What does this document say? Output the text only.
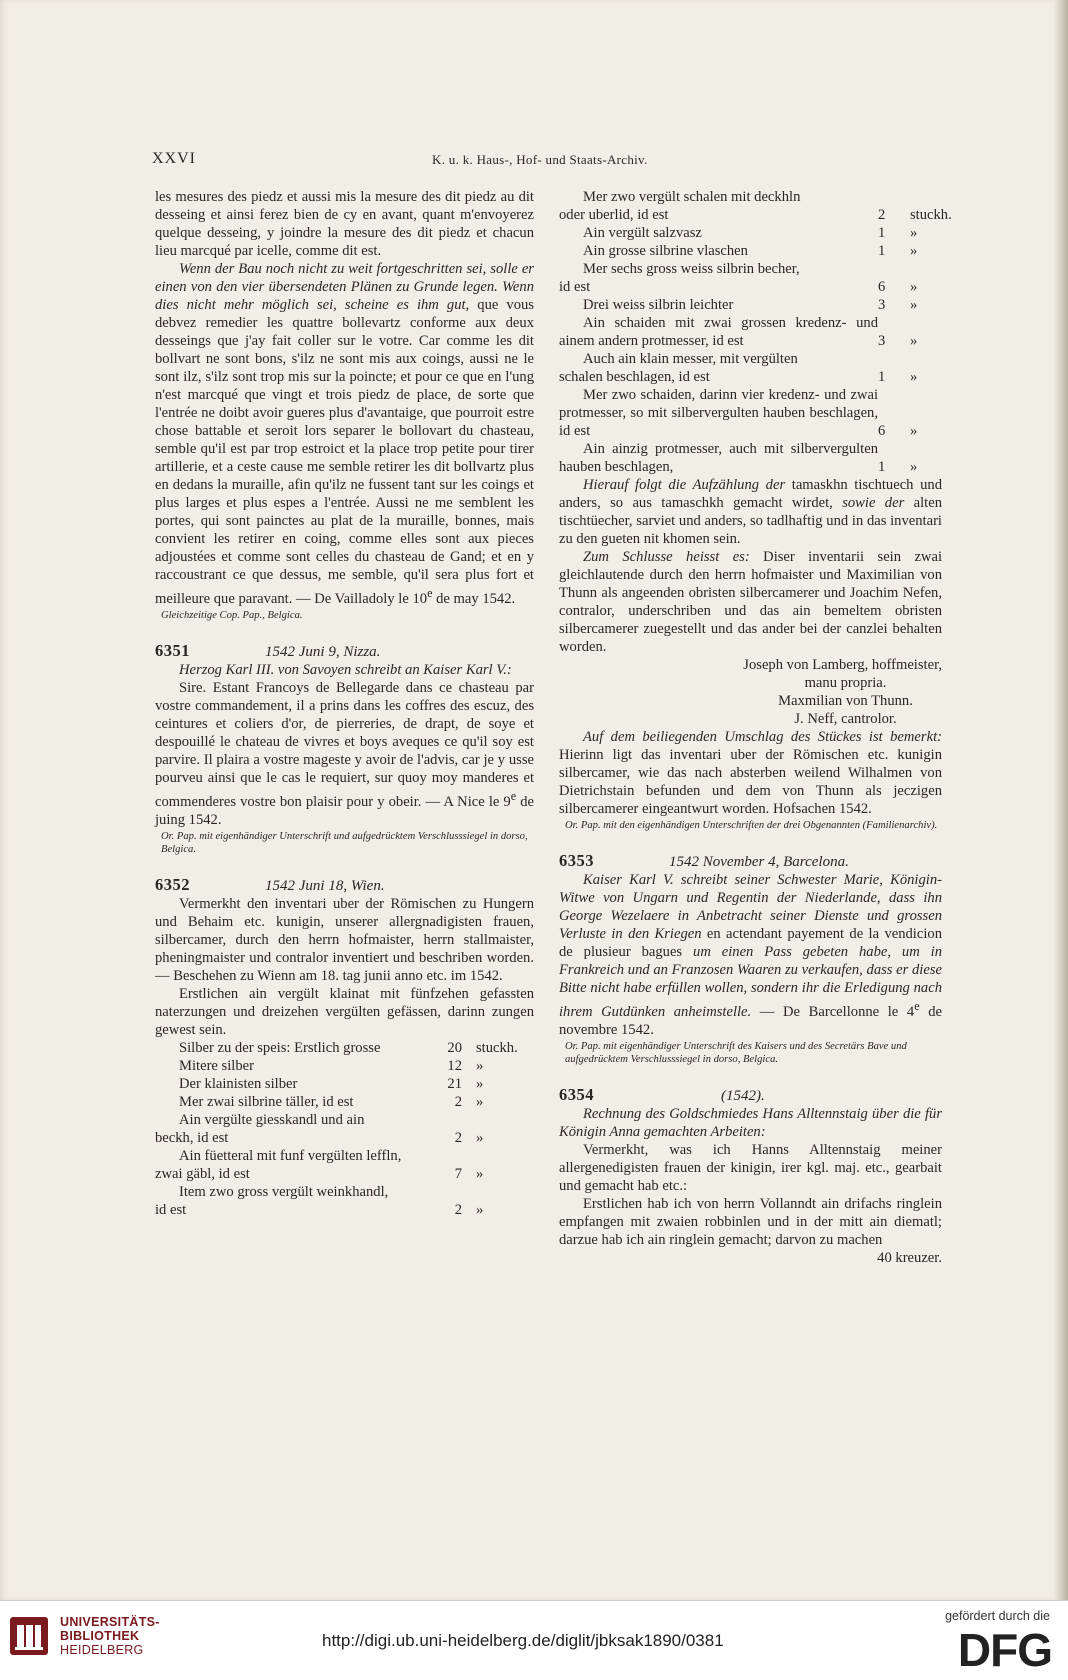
XXVI	K. u. k. Haus-, Hof- und Staats-Archiv.

les mesures des piedz et aussi mis la mesure des dit piedz au dit desseing et ainsi ferez bien de cy en avant, quant m'envoyerez quelque desseing, y joindre la mesure des dit piedz et chacun lieu marcqué par icelle, comme dit est.

Wenn der Bau noch nicht zu weit fortgeschritten sei, solle er einen von den vier übersendeten Plänen zu Grunde legen. Wenn dies nicht mehr möglich sei, scheine es ihm gut, que vous debvez remedier les quattre bollevartz conforme aux deux desseings que j'ay fait coller sur le votre. Car comme les dit bollvart ne sont bons, s'ilz ne sont mis aux coings, aussi ne le sont ilz, s'ilz sont trop mis sur la poincte; et pour ce que en l'ung n'est marcqué que vingt et trois piedz de place, de sorte que l'entrée ne doibt avoir gueres plus d'avantaige, que pourroit estre chose battable et seroit lors separer le bollovart du chasteau, semble qu'il est par trop estroict et la place trop petite pour tirer artillerie, et a ceste cause me semble retirer les dit bollvartz plus en dedans la muraille, afin qu'ilz ne fussent tant sur les coings et plus larges et plus espes a l'entrée. Aussi ne me semblent les portes, qui sont painctes au plat de la muraille, bonnes, mais convient les retirer en coing, comme elles sont aux pieces adjoustées et comme sont celles du chasteau de Gand; et en y raccoustrant ce que dessus, me semble, qu'il sera plus fort et meilleure que paravant. — De Vailladoly le 10e de may 1542.

Gleichzeitige Cop. Pap., Belgica.
6351	1542 Juni 9, Nizza.

Herzog Karl III. von Savoyen schreibt an Kaiser Karl V.:

Sire. Estant Francoys de Bellegarde dans ce chasteau par vostre commandement, il a prins dans les coffres des escuz, des ceintures et coliers d'or, de pierreries, de drapt, de soye et despouillé le chateau de vivres et boys aveques ce qu'il soy est parvire. Il plaira a vostre mageste y avoir de l'advis, car je y usse pourveu ainsi que le cas le requiert, sur quoy moy manderes et commenderes vostre bon plaisir pour y obeir. — A Nice le 9e de juing 1542.

Or. Pap. mit eigenhändiger Unterschrift und aufgedrücktem Verschlusssiegel in dorso, Belgica.
6352	1542 Juni 18, Wien.

Vermerkht den inventari uber der Römischen zu Hungern und Behaim etc. kunigin, unserer allergnadigisten frauen, silbercamer, durch den herrn hofmaister, herrn stallmaister, pheningmaister und contralor inventiert und beschriben worden. — Beschehen zu Wienn am 18. tag junii anno etc. im 1542.

Erstlichen ain vergült klainat mit fünfzehen gefassten naterzungen und dreizehen vergülten gefässen, darinn zungen gewest sein.

Silber zu der speis: Erstlich grosse	20 stuckh.
Mitere silber	12 »
Der klainisten silber	21 »
Mer zwai silbrine täller, id est	2 »

Ain vergülte giesskandl und ain

beckh, id est	2 »

Ain füetteral mit funf vergülten leffln,

zwai gäbl, id est	7 »

Item zwo gross vergült weinkhandl,

id est	2 »

Mer zwo vergült schalen mit deckhln

oder uberlid, id est	2	stuckh.
Ain vergült salzvasz	1	»
Ain grosse silbrine vlaschen	1	»

Mer sechs gross weiss silbrin becher,

id est	6	»
Drei weiss silbrin leichter	3	»
Ain schaiden mit zwai grossen kredenz- und ainem andern protmesser, id est	3	»

Auch ain klain messer, mit vergülten

schalen beschlagen, id est	1	»
Mer zwo schaiden, darinn vier kredenz- und zwai protmesser, so mit silbervergulten hauben beschlagen, id est	6	»
Ain ainzig protmesser, auch mit silbervergulten hauben beschlagen,	1	»

Hierauf folgt die Aufzählung der tamaskhn tischtuech und anders, so aus tamaschkh gemacht wirdet, sowie der alten tischtüecher, sarviet und anders, so tadlhaftig und in das inventari zu den gueten nit khomen sein.

Zum Schlusse heisst es: Diser inventarii sein zwai gleichlautende durch den herrn hofmaister und Maximilian von Thunn als angeenden obristen silbercamerer und Joachim Nefen, contralor, underschriben und das ain bemeltem obristen silbercamerer zuegestellt und das ander bei der canzlei behalten worden.

Joseph von Lamberg, hoffmeister,

manu propria.

Maxmilian von Thunn.

J. Neff, cantrolor.

Auf dem beiliegenden Umschlag des Stückes ist bemerkt: Hierinn ligt das inventari uber der Römischen etc. kunigin silbercamer, wie das nach absterben weilend Wilhalmen von Dietrichstain befunden und dem von Thunn als jeczigen silbercamerer eingeantwurt worden. Hofsachen 1542.

Or. Pap. mit den eigenhändigen Unterschriften der drei Obgenannten (Familienarchiv).
6353	1542 November 4, Barcelona.

Kaiser Karl V. schreibt seiner Schwester Marie, Königin-Witwe von Ungarn und Regentin der Niederlande, dass ihn George Wezelaere in Anbetracht seiner Dienste und grossen Verluste in den Kriegen en actendant payement de la vendicion de plusieur bagues um einen Pass gebeten habe, um in Frankreich und an Franzosen Waaren zu verkaufen, dass er diese Bitte nicht habe erfüllen wollen, sondern ihr die Erledigung nach ihrem Gutdünken anheimstelle. — De Barcellonne le 4e de novembre 1542.

Or. Pap. mit eigenhändiger Unterschrift des Kaisers und des Secretärs Bave und aufgedrücktem Verschlusssiegel in dorso, Belgica.
6354	(1542).

Rechnung des Goldschmiedes Hans Alltennstaig über die für Königin Anna gemachten Arbeiten:

Vermerkht, was ich Hanns Alltennstaig meiner allergenedigisten frauen der kinigin, irer kgl. maj. etc., gearbait und gemacht hab etc.:

Erstlichen hab ich von herrn Vollanndt ain drifachs ringlein empfangen mit zwaien robbinlen und in der mitt ain diematl; darzue hab ich ain ringlein gemacht; darvon zu machen
40 kreuzer.

UNIVERSITÄTS-
BIBLIOTHEK
HEIDELBERG	http://digi.ub.uni-heidelberg.de/diglit/jbksak1890/0381
gefördert durch die
DFG
